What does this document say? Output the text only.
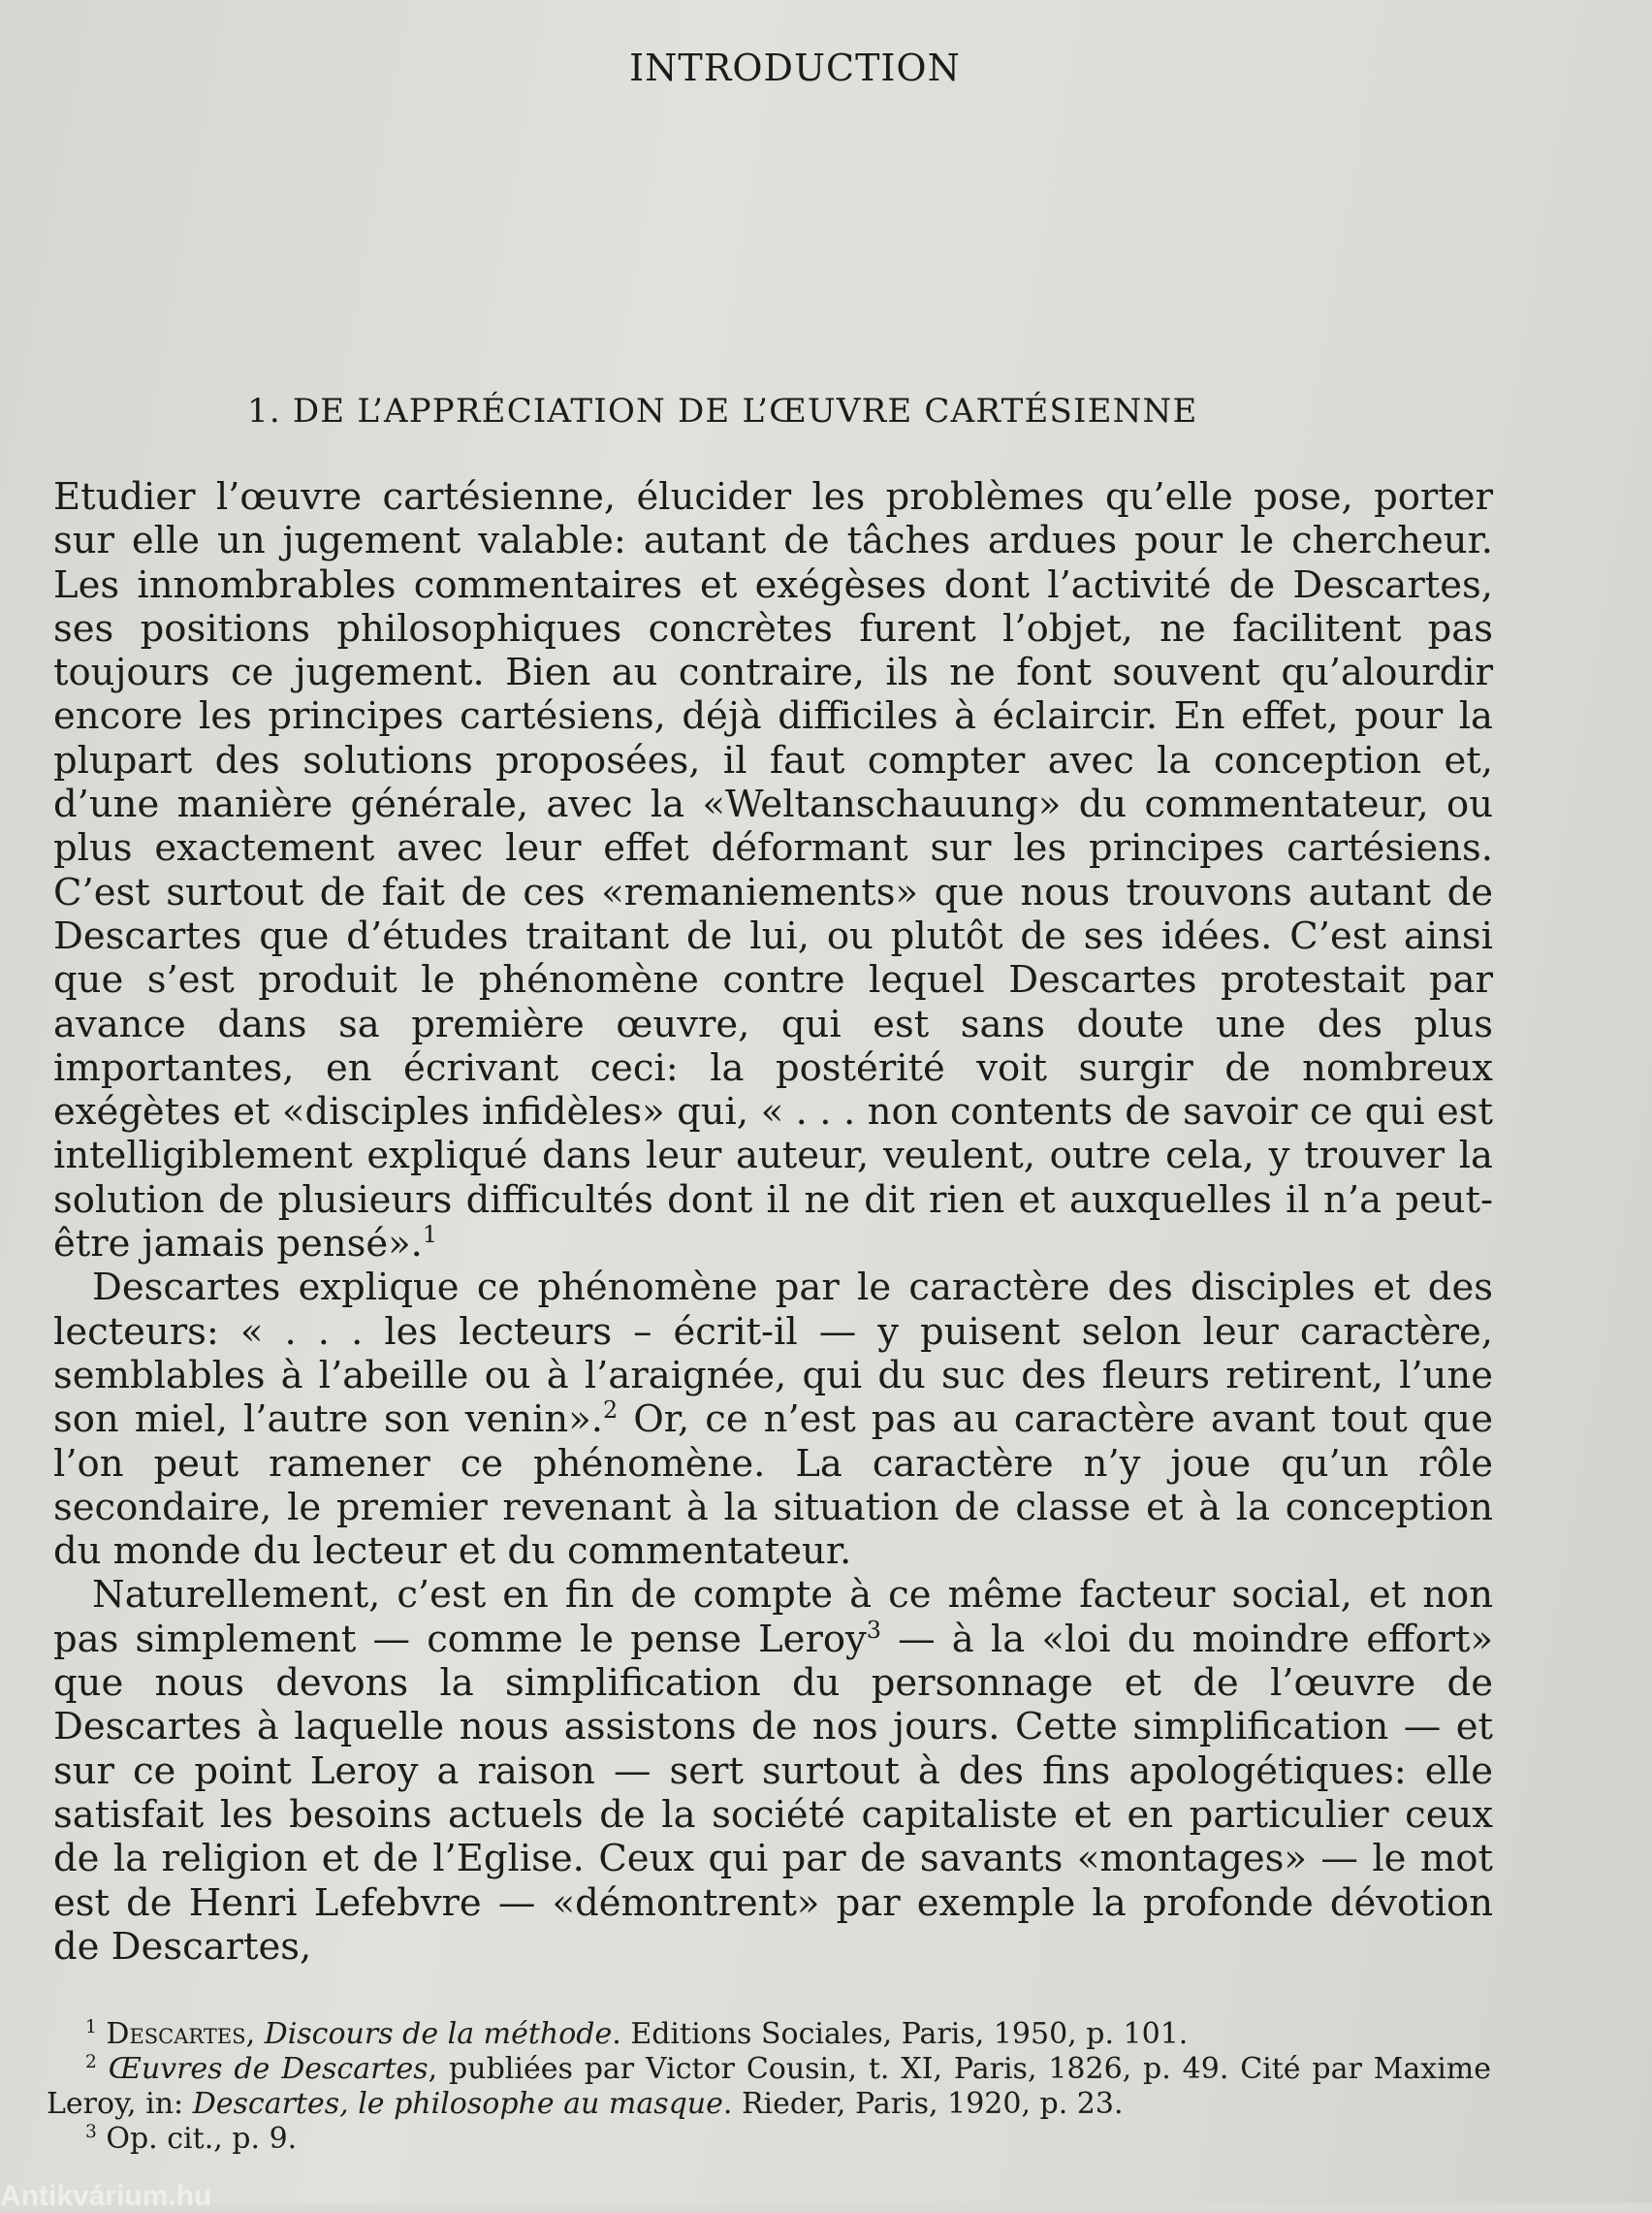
INTRODUCTION
1. DE L’APPRÉCIATION DE L’ŒUVRE CARTÉSIENNE

Etudier l’œuvre cartésienne, élucider les problèmes qu’elle pose, porter sur elle un jugement valable: autant de tâches ardues pour le chercheur. Les innombrables commentaires et exégèses dont l’activité de Descartes, ses positions philosophiques concrètes furent l’objet, ne facilitent pas toujours ce jugement. Bien au contraire, ils ne font souvent qu’alourdir encore les principes cartésiens, déjà difficiles à éclaircir. En effet, pour la plupart des solutions proposées, il faut compter avec la conception et, d’une manière générale, avec la «Weltanschauung» du commentateur, ou plus exactement avec leur effet déformant sur les principes cartésiens. C’est surtout de fait de ces «remaniements» que nous trouvons autant de Descartes que d’études traitant de lui, ou plutôt de ses idées. C’est ainsi que s’est produit le phénomène contre lequel Descartes protestait par avance dans sa première œuvre, qui est sans doute une des plus importantes, en écrivant ceci: la postérité voit surgir de nombreux exégètes et «disciples infidèles» qui, « . . . non contents de savoir ce qui est intelligiblement expliqué dans leur auteur, veulent, outre cela, y trouver la solution de plusieurs difficultés dont il ne dit rien et auxquelles il n’a peut-être jamais pensé».$^1$

Descartes explique ce phénomène par le caractère des disciples et des lecteurs: « . . . les lecteurs – écrit-il — y puisent selon leur caractère, semblables à l’abeille ou à l’araignée, qui du suc des fleurs retirent, l’une son miel, l’autre son venin».$^2$ Or, ce n’est pas au caractère avant tout que l’on peut ramener ce phénomène. La caractère n’y joue qu’un rôle secondaire, le premier revenant à la situation de classe et à la conception du monde du lecteur et du commentateur.

Naturellement, c’est en fin de compte à ce même facteur social, et non pas simplement — comme le pense Leroy$^3$ — à la «loi du moindre effort» que nous devons la simplification du personnage et de l’œuvre de Descartes à laquelle nous assistons de nos jours. Cette simplification — et sur ce point Leroy a raison — sert surtout à des fins apologétiques: elle satisfait les besoins actuels de la société capitaliste et en particulier ceux de la religion et de l’Eglise. Ceux qui par de savants «montages» — le mot est de Henri Lefebvre — «démontrent» par exemple la profonde dévotion de Descartes,

$^1$ Descartes, Discours de la méthode. Editions Sociales, Paris, 1950, p. 101.

$^2$ Œuvres de Descartes, publiées par Victor Cousin, t. XI, Paris, 1826, p. 49. Cité par Maxime Leroy, in: Descartes, le philosophe au masque. Rieder, Paris, 1920, p. 23.

$^3$ Op. cit., p. 9.

Antikvárium.hu
